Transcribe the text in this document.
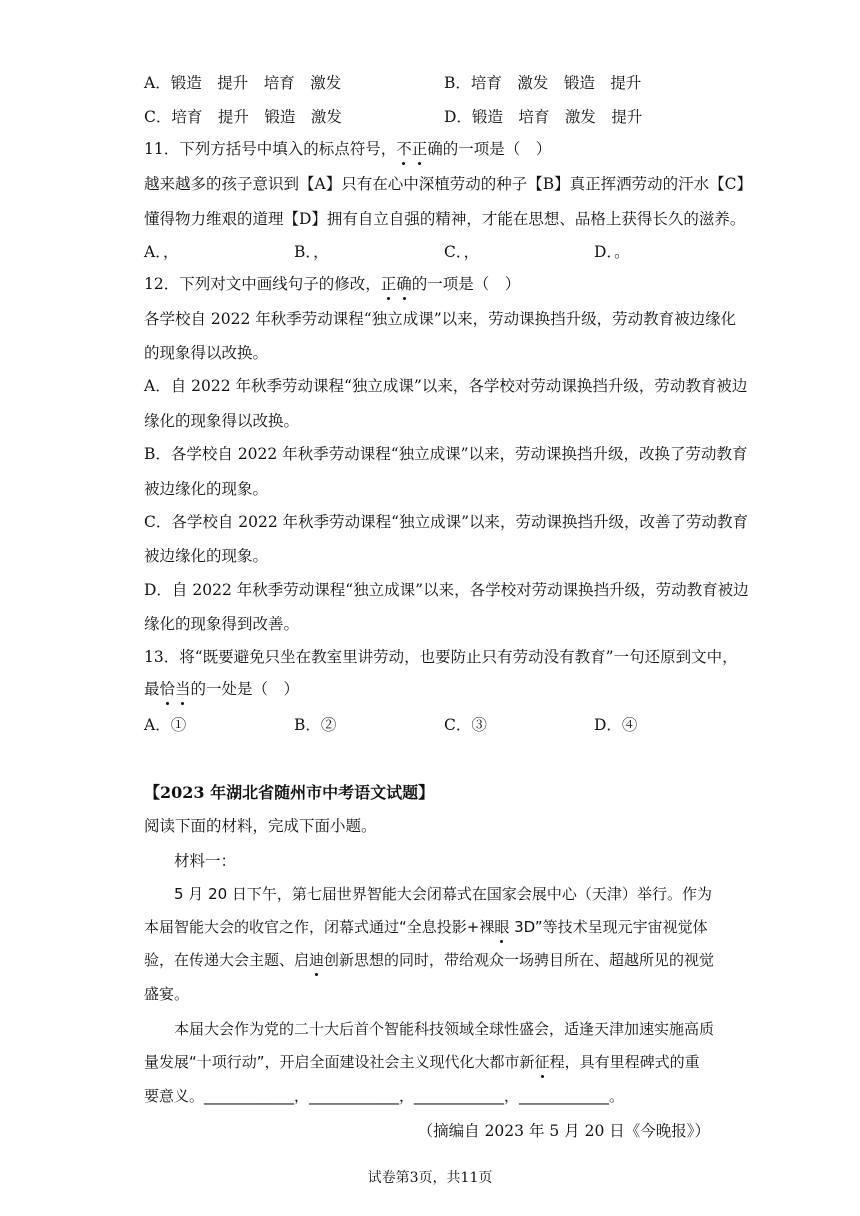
A．锻造　提升　培育　激发	B．培育　激发　锻造　提升
C．培育　提升　锻造　激发	D．锻造　培育　激发　提升
11．下列方括号中填入的标点符号，不正确的一项是（　）
越来越多的孩子意识到【A】只有在心中深植劳动的种子【B】真正挥洒劳动的汗水【C】
懂得物力维艰的道理【D】拥有自立自强的精神，才能在思想、品格上获得长久的滋养。
A．，	B．，	C．，	D．。
12．下列对文中画线句子的修改，正确的一项是（　）
各学校自 2022 年秋季劳动课程“独立成课”以来，劳动课换挡升级，劳动教育被边缘化
的现象得以改换。
A．自 2022 年秋季劳动课程“独立成课”以来，各学校对劳动课换挡升级，劳动教育被边
缘化的现象得以改换。
B．各学校自 2022 年秋季劳动课程“独立成课”以来，劳动课换挡升级，改换了劳动教育
被边缘化的现象。
C．各学校自 2022 年秋季劳动课程“独立成课”以来，劳动课换挡升级，改善了劳动教育
被边缘化的现象。
D．自 2022 年秋季劳动课程“独立成课”以来，各学校对劳动课换挡升级，劳动教育被边
缘化的现象得到改善。
13．将“既要避免只坐在教室里讲劳动，也要防止只有劳动没有教育”一句还原到文中，
最恰当的一处是（　）
A．①	B．②	C．③	D．④
【2023 年湖北省随州市中考语文试题】
阅读下面的材料，完成下面小题。
材料一：
5 月 20 日下午，第七届世界智能大会闭幕式在国家会展中心（天津）举行。作为
本届智能大会的收官之作，闭幕式通过“全息投影+裸眼 3D”等技术呈现元宇宙视觉体
验，在传递大会主题、启迪创新思想的同时，带给观众一场骋目所在、超越所见的视觉
盛宴。
本届大会作为党的二十大后首个智能科技领域全球性盛会，适逢天津加速实施高质
量发展“十项行动”，开启全面建设社会主义现代化大都市新征程，具有里程碑式的重
要意义。____________，____________，____________，____________。
（摘编自 2023 年 5 月 20 日《今晚报》）
试卷第3页，共11页
